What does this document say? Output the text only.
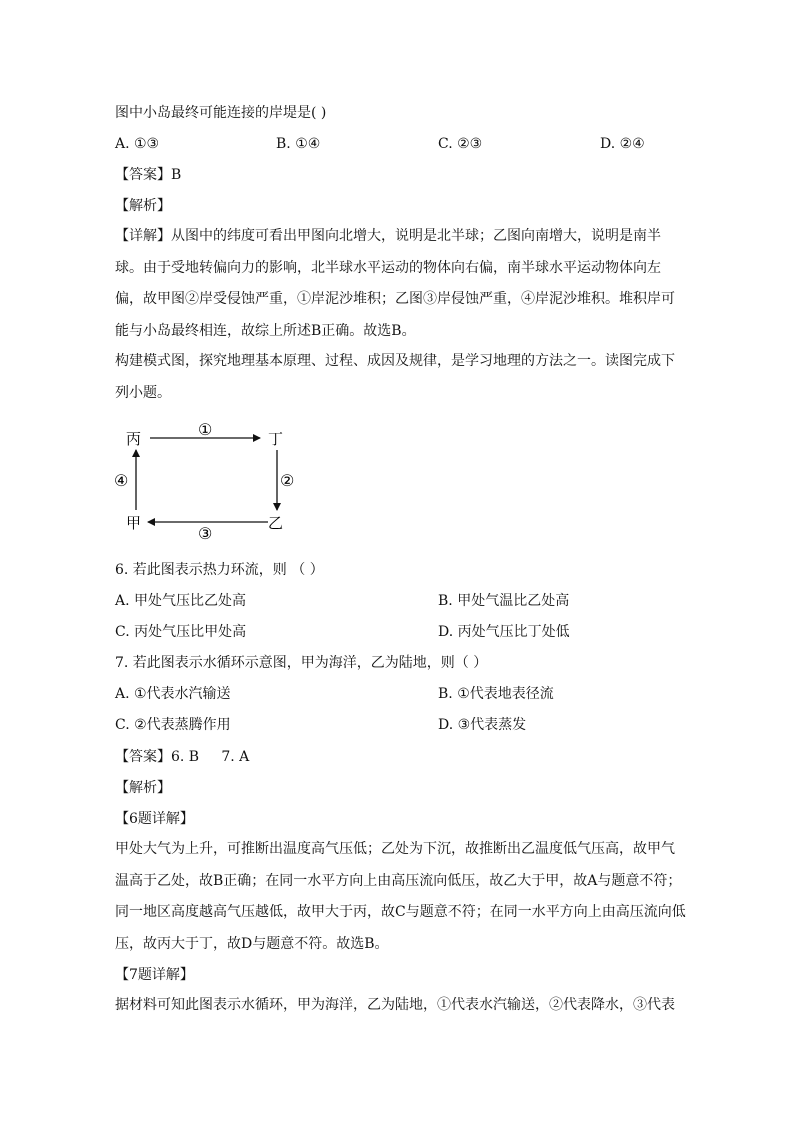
图中小岛最终可能连接的岸堤是( )
A. ①③	B. ①④	C. ②③	D. ②④
【答案】B
【解析】
【详解】从图中的纬度可看出甲图向北增大，说明是北半球；乙图向南增大，说明是南半球。由于受地转偏向力的影响，北半球水平运动的物体向右偏，南半球水平运动物体向左偏，故甲图②岸受侵蚀严重，①岸泥沙堆积；乙图③岸侵蚀严重，④岸泥沙堆积。堆积岸可能与小岛最终相连，故综上所述B正确。故选B。
构建模式图，探究地理基本原理、过程、成因及规律，是学习地理的方法之一。读图完成下列小题。
丙	丁
甲	乙
①
②
③
④
6. 若此图表示热力环流，则 （ ）
A. 甲处气压比乙处高	B. 甲处气温比乙处高
C. 丙处气压比甲处高	D. 丙处气压比丁处低
7. 若此图表示水循环示意图，甲为海洋，乙为陆地，则（ ）
A. ①代表水汽输送	B. ①代表地表径流
C. ②代表蒸腾作用	D. ③代表蒸发
【答案】6. B     7. A
【解析】
【6题详解】
甲处大气为上升，可推断出温度高气压低；乙处为下沉，故推断出乙温度低气压高，故甲气温高于乙处，故B正确；在同一水平方向上由高压流向低压，故乙大于甲，故A与题意不符；同一地区高度越高气压越低，故甲大于丙，故C与题意不符；在同一水平方向上由高压流向低压，故丙大于丁，故D与题意不符。故选B。
【7题详解】
据材料可知此图表示水循环，甲为海洋，乙为陆地，①代表水汽输送，②代表降水，③代表
